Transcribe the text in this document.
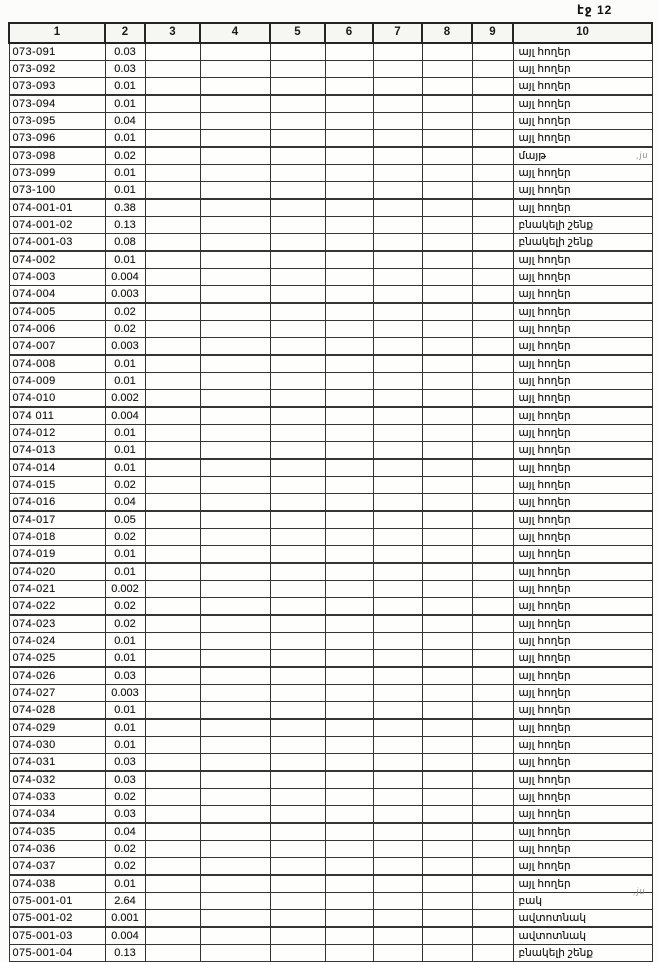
էջ 12
1	2	3	4	5	6	7	8	9	10
073-091	0.03								այլ հողեր
073-092	0.03								այլ հողեր
073-093	0.01								այլ հողեր
073-094	0.01								այլ հողեր
073-095	0.04								այլ հողեր
073-096	0.01								այլ հողեր
073-098	0.02								մայթ
073-099	0.01								այլ հողեր
073-100	0.01								այլ հողեր
074-001-01	0.38								այլ հողեր
074-001-02	0.13								բնակելի շենք
074-001-03	0.08								բնակելի շենք
074-002	0.01								այլ հողեր
074-003	0.004								այլ հողեր
074-004	0.003								այլ հողեր
074-005	0.02								այլ հողեր
074-006	0.02								այլ հողեր
074-007	0.003								այլ հողեր
074-008	0.01								այլ հողեր
074-009	0.01								այլ հողեր
074-010	0.002								այլ հողեր
074 011	0.004								այլ հողեր
074-012	0.01								այլ հողեր
074-013	0.01								այլ հողեր
074-014	0.01								այլ հողեր
074-015	0.02								այլ հողեր
074-016	0.04								այլ հողեր
074-017	0.05								այլ հողեր
074-018	0.02								այլ հողեր
074-019	0.01								այլ հողեր
074-020	0.01								այլ հողեր
074-021	0.002								այլ հողեր
074-022	0.02								այլ հողեր
074-023	0.02								այլ հողեր
074-024	0.01								այլ հողեր
074-025	0.01								այլ հողեր
074-026	0.03								այլ հողեր
074-027	0.003								այլ հողեր
074-028	0.01								այլ հողեր
074-029	0.01								այլ հողեր
074-030	0.01								այլ հողեր
074-031	0.03								այլ հողեր
074-032	0.03								այլ հողեր
074-033	0.02								այլ հողեր
074-034	0.03								այլ հողեր
074-035	0.04								այլ հողեր
074-036	0.02								այլ հողեր
074-037	0.02								այլ հողեր
074-038	0.01								այլ հողեր
075-001-01	2.64								բակ
075-001-02	0.001								ավտոտնակ
075-001-03	0.004								ավտոտնակ
075-001-04	0.13								բնակելի շենք
,ju
,ju
